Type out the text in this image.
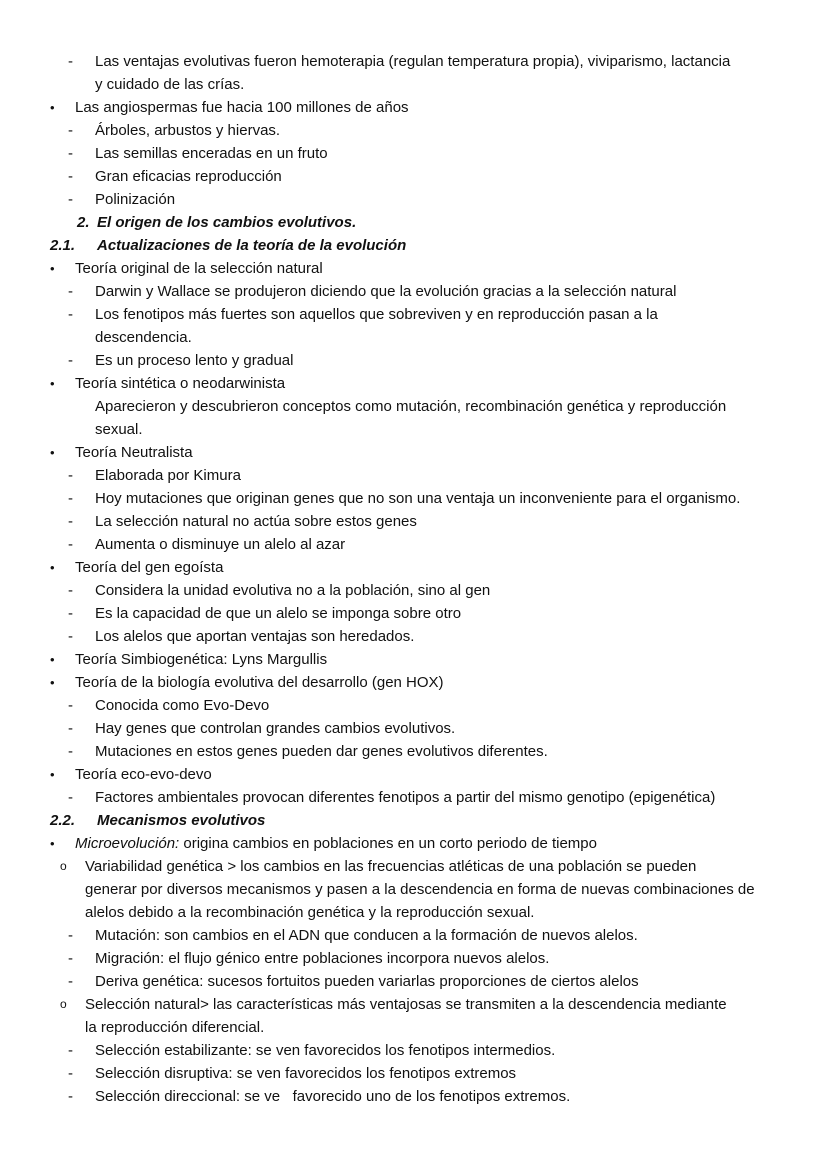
- Las ventajas evolutivas fueron hemoterapia (regulan temperatura propia), viviparismo, lactancia
y cuidado de las crías.
• Las angiospermas fue hacia 100 millones de años
- Árboles, arbustos y hiervas.
- Las semillas enceradas en un fruto
- Gran eficacias reproducción
- Polinización
2. El origen de los cambios evolutivos.
2.1. Actualizaciones de la teoría de la evolución
• Teoría original de la selección natural
- Darwin y Wallace se produjeron diciendo que la evolución gracias a la selección natural
- Los fenotipos más fuertes son aquellos que sobreviven y en reproducción pasan a la
descendencia.
- Es un proceso lento y gradual
• Teoría sintética o neodarwinista
Aparecieron y descubrieron conceptos como mutación, recombinación genética y reproducción
sexual.
• Teoría Neutralista
- Elaborada por Kimura
- Hoy mutaciones que originan genes que no son una ventaja un inconveniente para el organismo.
- La selección natural no actúa sobre estos genes
- Aumenta o disminuye un alelo al azar
• Teoría del gen egoísta
- Considera la unidad evolutiva no a la población, sino al gen
- Es la capacidad de que un alelo se imponga sobre otro
- Los alelos que aportan ventajas son heredados.
• Teoría Simbiogenética: Lyns Margullis
• Teoría de la biología evolutiva del desarrollo (gen HOX)
- Conocida como Evo-Devo
- Hay genes que controlan grandes cambios evolutivos.
- Mutaciones en estos genes pueden dar genes evolutivos diferentes.
• Teoría eco-evo-devo
- Factores ambientales provocan diferentes fenotipos a partir del mismo genotipo (epigenética)
2.2. Mecanismos evolutivos
• Microevolución: origina cambios en poblaciones en un corto periodo de tiempo
o Variabilidad genética > los cambios en las frecuencias atléticas de una población se pueden
generar por diversos mecanismos y pasen a la descendencia en forma de nuevas combinaciones de
alelos debido a la recombinación genética y la reproducción sexual.
- Mutación: son cambios en el ADN que conducen a la formación de nuevos alelos.
- Migración: el flujo génico entre poblaciones incorpora nuevos alelos.
- Deriva genética: sucesos fortuitos pueden variarlas proporciones de ciertos alelos
o Selección natural> las características más ventajosas se transmiten a la descendencia mediante
la reproducción diferencial.
- Selección estabilizante: se ven favorecidos los fenotipos intermedios.
- Selección disruptiva: se ven favorecidos los fenotipos extremos
- Selección direccional: se ve   favorecido uno de los fenotipos extremos.
